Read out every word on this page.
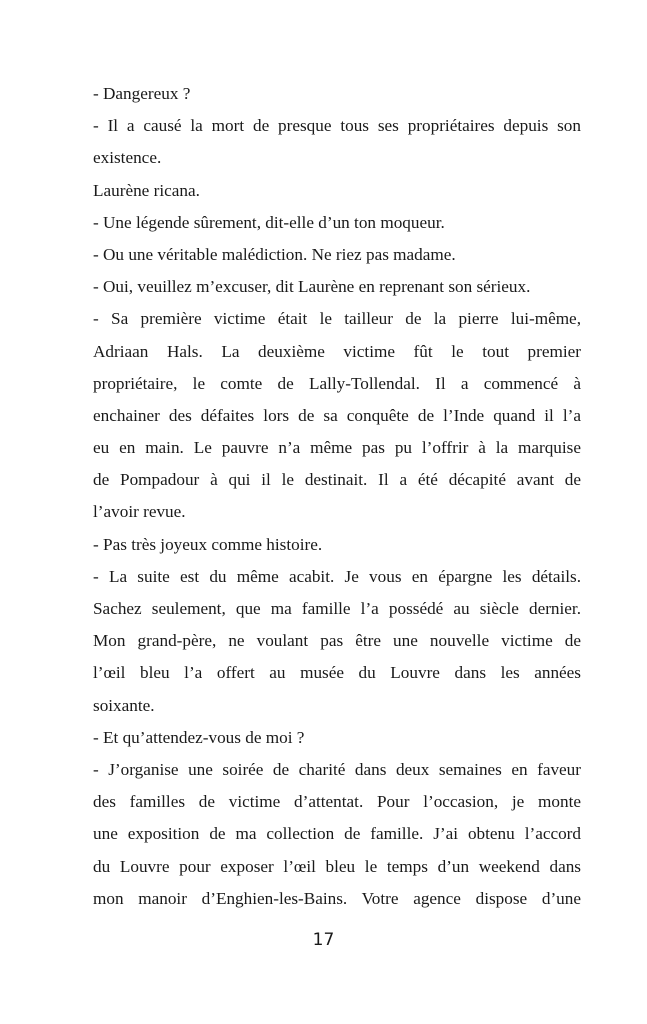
- Dangereux ?
- Il a causé la mort de presque tous ses propriétaires depuis son
existence.
Laurène ricana.
- Une légende sûrement, dit-elle d’un ton moqueur.
- Ou une véritable malédiction. Ne riez pas madame.
- Oui, veuillez m’excuser, dit Laurène en reprenant son sérieux.
- Sa première victime était le tailleur de la pierre lui-même,
Adriaan Hals. La deuxième victime fût le tout premier
propriétaire, le comte de Lally-Tollendal. Il a commencé à
enchainer des défaites lors de sa conquête de l’Inde quand il l’a
eu en main. Le pauvre n’a même pas pu l’offrir à la marquise
de Pompadour à qui il le destinait. Il a été décapité avant de
l’avoir revue.
- Pas très joyeux comme histoire.
- La suite est du même acabit. Je vous en épargne les détails.
Sachez seulement, que ma famille l’a possédé au siècle dernier.
Mon grand-père, ne voulant pas être une nouvelle victime de
l’œil bleu l’a offert au musée du Louvre dans les années
soixante.
- Et qu’attendez-vous de moi ?
- J’organise une soirée de charité dans deux semaines en faveur
des familles de victime d’attentat. Pour l’occasion, je monte
une exposition de ma collection de famille. J’ai obtenu l’accord
du Louvre pour exposer l’œil bleu le temps d’un weekend dans
mon manoir d’Enghien-les-Bains. Votre agence dispose d’une
17
